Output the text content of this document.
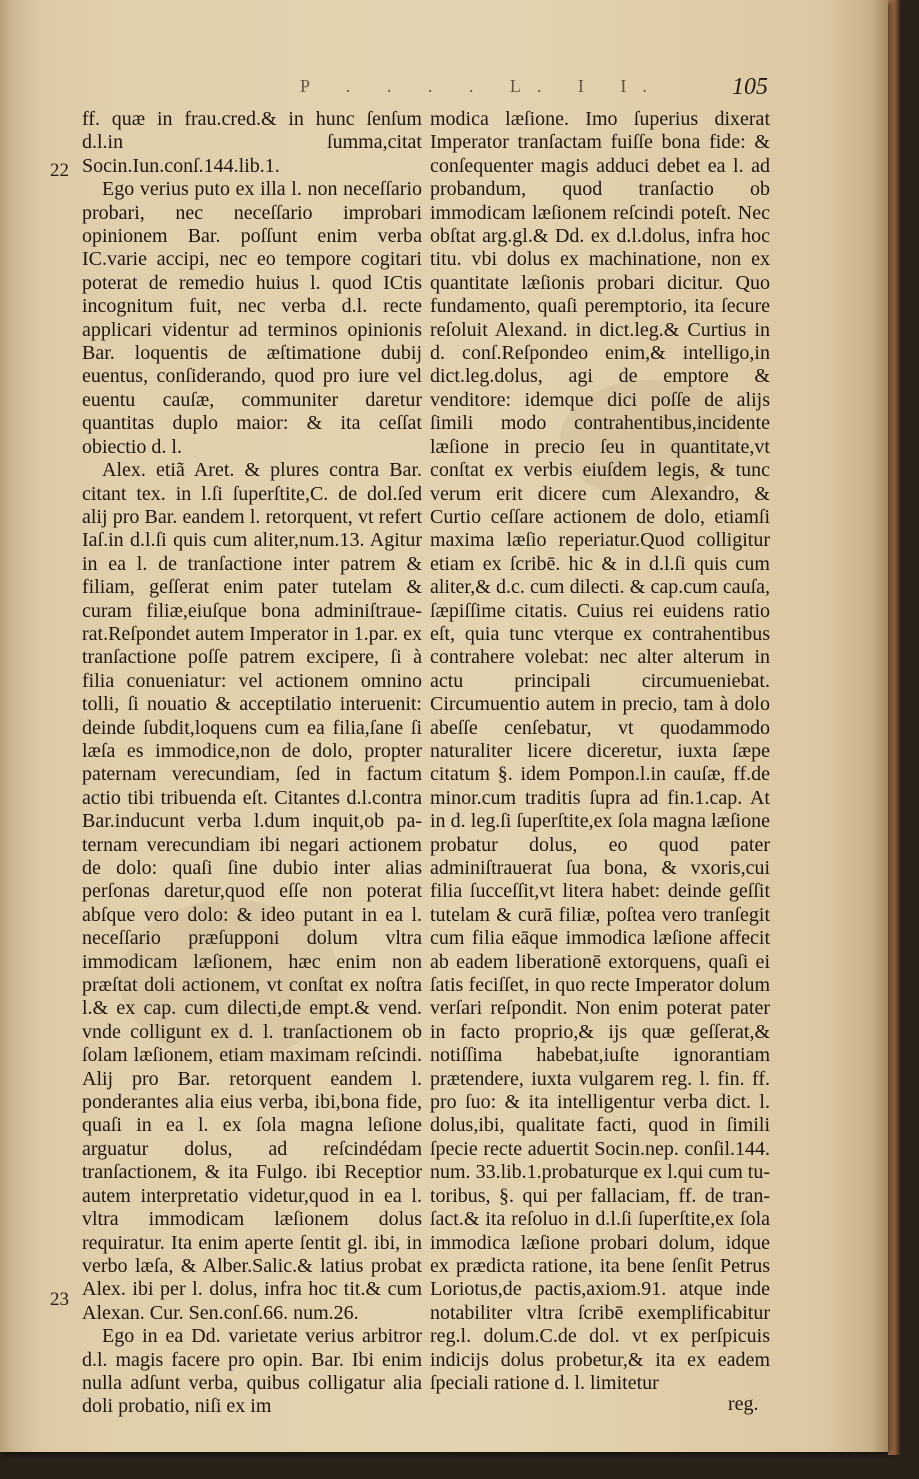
P . . . . L. I I.	105
22
23

ff. quæ in frau.cred.& in hunc ſenſum d.l.in ſumma,citat Socin.Iun.conſ.144.lib.1.

Ego verius puto ex illa l. non neceſſario probari, nec neceſſario improbari opinionem Bar. poſſunt enim verba IC.varie accipi, nec eo tempore cogitari poterat de remedio huius l. quod ICtis incognitum fuit, nec verba d.l. recte applicari videntur ad terminos opinionis Bar. loquentis de æſtimatione dubij euentus, conſiderando, quod pro iure vel euentu cauſæ, communiter daretur quantitas duplo maior: & ita ceſſat obiectio d. l.

Alex. etiã Aret. & plures contra Bar. citant tex. in l.ſi ſuperſtite,C. de dol.ſed alij pro Bar. eandem l. retorquent, vt refert Iaſ.in d.l.ſi quis cum aliter,num.13. Agitur in ea l. de tranſactione inter patrem & filiam, geſſerat enim pater tutelam & curam filiæ,eiuſque bona adminiſtrauerat.Reſpondet autem Imperator in 1.par. ex tranſactione poſſe patrem excipere, ſi à filia conueniatur: vel actionem omnino tolli, ſi nouatio & acceptilatio interuenit: deinde ſubdit,loquens cum ea filia,ſane ſi læſa es immodice,non de dolo, propter paternam verecundiam, ſed in factum actio tibi tribuenda eſt. Citantes d.l.contra Bar.inducunt verba l.dum inquit,ob paternam verecundiam ibi negari actionem de dolo: quaſi ſine dubio inter alias perſonas daretur,quod eſſe non poterat abſque vero dolo: & ideo putant in ea l. neceſſario præſupponi dolum vltra immodicam læſionem, hæc enim non præſtat doli actionem, vt conſtat ex noſtra l.& ex cap. cum dilecti,de empt.& vend. vnde colligunt ex d. l. tranſactionem ob ſolam læſionem, etiam maximam reſcindi. Alij pro Bar. retorquent eandem l. ponderantes alia eius verba, ibi,bona fide, quaſi in ea l. ex ſola magna leſione arguatur dolus, ad reſcindédam tranſactionem, & ita Fulgo. ibi Receptior autem interpretatio videtur,quod in ea l. vltra immodicam læſionem dolus requiratur. Ita enim aperte ſentit gl. ibi, in verbo læſa, & Alber.Salic.& latius probat Alex. ibi per l. dolus, infra hoc tit.& cum Alexan. Cur. Sen.conſ.66. num.26.

Ego in ea Dd. varietate verius arbitror d.l. magis facere pro opin. Bar. Ibi enim nulla adſunt verba, quibus colligatur alia doli probatio, niſi ex im

modica læſione. Imo ſuperius dixerat Imperator tranſactam fuiſſe bona fide: & conſequenter magis adduci debet ea l. ad probandum, quod tranſactio ob immodicam læſionem reſcindi poteſt. Nec obſtat arg.gl.& Dd. ex d.l.dolus, infra hoc titu. vbi dolus ex machinatione, non ex quantitate læſionis probari dicitur. Quo fundamento, quaſi peremptorio, ita ſecure reſoluit Alexand. in dict.leg.& Curtius in d. conſ.Reſpondeo enim,& intelligo,in dict.leg.dolus, agi de emptore & venditore: idemque dici poſſe de alijs ſimili modo contrahentibus,incidente læſione in precio ſeu in quantitate,vt conſtat ex verbis eiuſdem legis, & tunc verum erit dicere cum Alexandro, & Curtio ceſſare actionem de dolo, etiamſi maxima læſio reperiatur.Quod colligitur etiam ex ſcribē. hic & in d.l.ſi quis cum aliter,& d.c. cum dilecti. & cap.cum cauſa, ſæpiſſime citatis. Cuius rei euidens ratio eſt, quia tunc vterque ex contrahentibus contrahere volebat: nec alter alterum in actu principali circumueniebat. Circumuentio autem in precio, tam à dolo abeſſe cenſebatur, vt quodammodo naturaliter licere diceretur, iuxta ſæpe citatum §. idem Pompon.l.in cauſæ, ff.de minor.cum traditis ſupra ad fin.1.cap. At in d. leg.ſi ſuperſtite,ex ſola magna læſione probatur dolus, eo quod pater adminiſtrauerat ſua bona, & vxoris,cui filia ſucceſſit,vt litera habet: deinde geſſit tutelam & curā filiæ, poſtea vero tranſegit cum filia eāque immodica læſione affecit ab eadem liberationē extorquens, quaſi ei ſatis feciſſet, in quo recte Imperator dolum verſari reſpondit. Non enim poterat pater in facto proprio,& ijs quæ geſſerat,& notiſſima habebat,iuſte ignorantiam prætendere, iuxta vulgarem reg. l. fin. ff. pro ſuo: & ita intelligentur verba dict. l. dolus,ibi, qualitate facti, quod in ſimili ſpecie recte aduertit Socin.nep. conſil.144. num. 33.lib.1.probaturque ex l.qui cum tutoribus, §. qui per fallaciam, ff. de tranſact.& ita reſoluo in d.l.ſi ſuperſtite,ex ſola immodica læſione probari dolum, idque ex prædicta ratione, ita bene ſenſit Petrus Loriotus,de pactis,axiom.91. atque inde notabiliter vltra ſcribē exemplificabitur reg.l. dolum.C.de dol. vt ex perſpicuis indicijs dolus probetur,& ita ex eadem ſpeciali ratione d. l. limitetur

reg.
